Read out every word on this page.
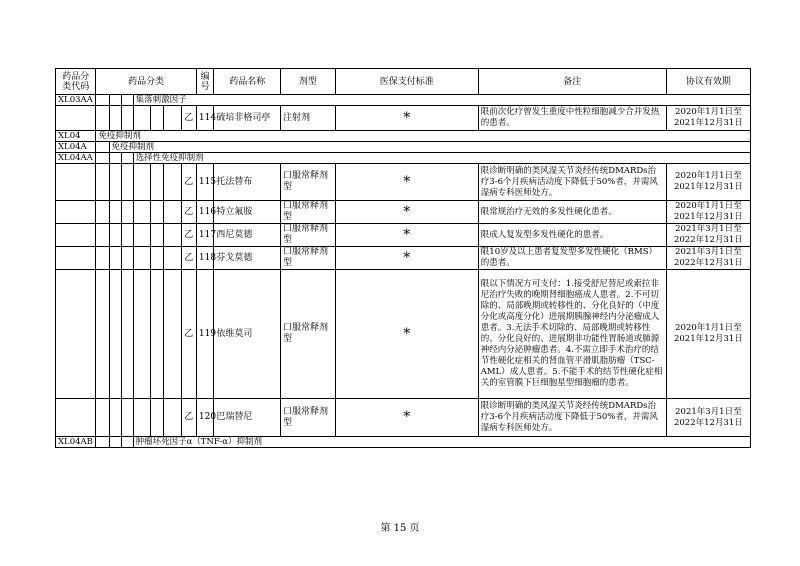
药品分
类代码	药品分类							编
号	药品名称	剂型	医保支付标准	备注	协议有效期
XL03AA				集落刺激因子									
							乙	114	硫培非格司亭	注射剂	*	限前次化疗曾发生重度中性粒细胞减少合并发热的患者。	2020年1月1日至
2021年12月31日
XL04	免疫抑制剂												
XL04A		免疫抑制剂											
XL04AA				选择性免疫抑制剂									
							乙	115	托法替布	口服常释剂型	*	限诊断明确的类风湿关节炎经传统DMARDs治疗3-6个月疾病活动度下降低于50%者，并需风湿病专科医师处方。	2020年1月1日至
2021年12月31日
							乙	116	特立氟胺	口服常释剂型	*	限常规治疗无效的多发性硬化患者。	2020年1月1日至
2021年12月31日
							乙	117	西尼莫德	口服常释剂型	*	限成人复发型多发性硬化的患者。	2021年3月1日至
2022年12月31日
							乙	118	芬戈莫德	口服常释剂型	*	限10岁及以上患者复发型多发性硬化（RMS）的患者。	2021年3月1日至
2022年12月31日
							乙	119	依维莫司	口服常释剂型	*	限以下情况方可支付：1.接受舒尼替尼或索拉非尼治疗失败的晚期肾细胞癌成人患者。2.不可切除的、局部晚期或转移性的、分化良好的（中度分化或高度分化）进展期胰腺神经内分泌瘤成人患者。3.无法手术切除的、局部晚期或转移性的、分化良好的、进展期非功能性胃肠道或肺源神经内分泌肿瘤患者。4.不需立即手术治疗的结节性硬化症相关的肾血管平滑肌脂肪瘤（TSC-AML）成人患者。5.不能手术的结节性硬化症相关的室管膜下巨细胞星型细胞瘤的患者。	2020年1月1日至
2021年12月31日
							乙	120	巴瑞替尼	口服常释剂型	*	限诊断明确的类风湿关节炎经传统DMARDs治疗3-6个月疾病活动度下降低于50%者，并需风湿病专科医师处方。	2021年3月1日至
2022年12月31日
XL04AB				肿瘤坏死因子α（TNF-α）抑制剂									
第 15 页
